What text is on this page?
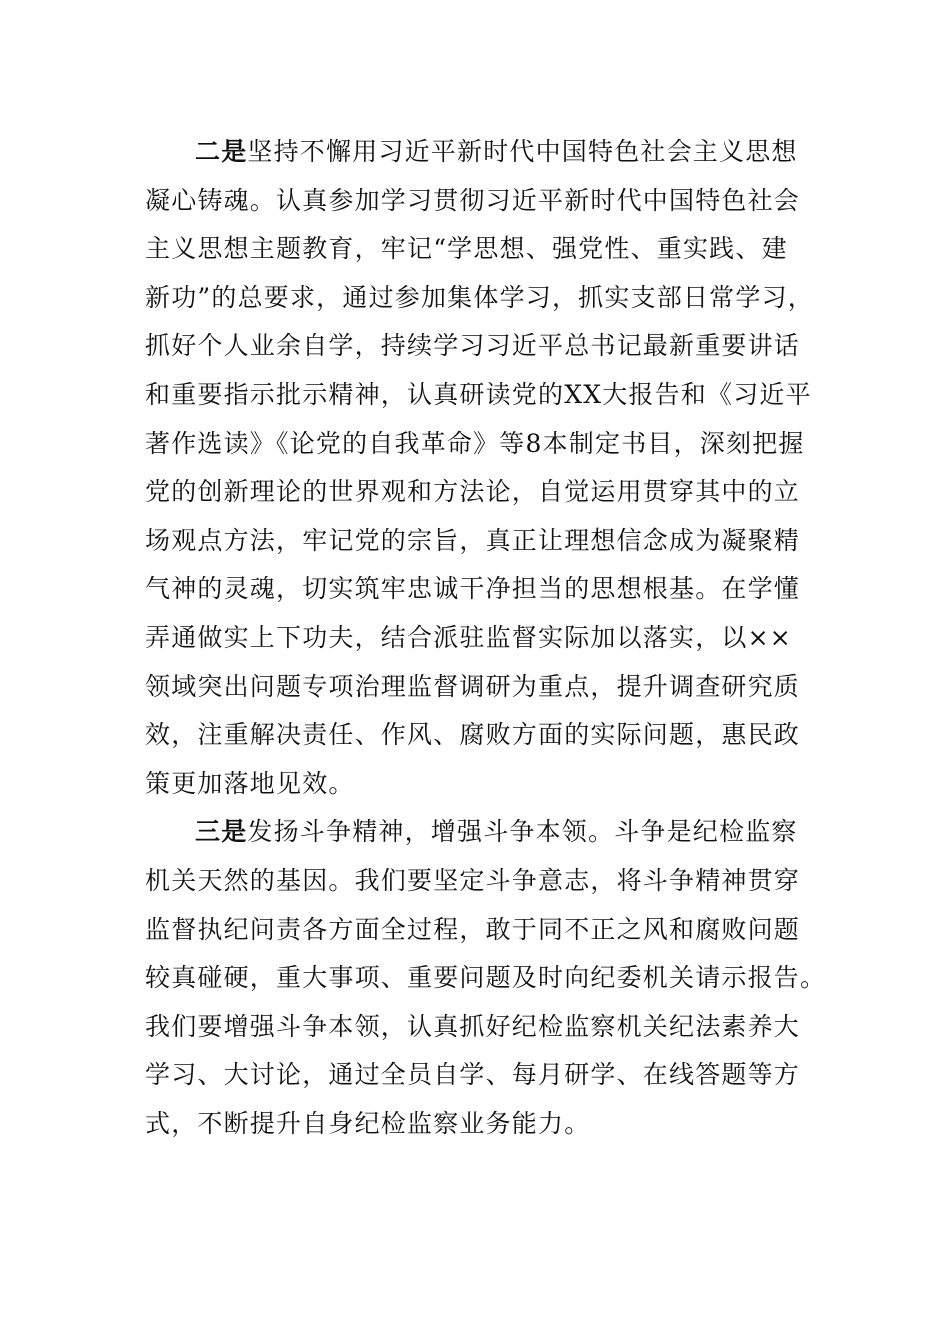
二是坚持不懈用习近平新时代中国特色社会主义思想
凝心铸魂。认真参加学习贯彻习近平新时代中国特色社会
主义思想主题教育，牢记“学思想、强党性、重实践、建
新功”的总要求，通过参加集体学习，抓实支部日常学习，
抓好个人业余自学，持续学习习近平总书记最新重要讲话
和重要指示批示精神，认真研读党的XX大报告和《习近平
著作选读》《论党的自我革命》等8本制定书目，深刻把握
党的创新理论的世界观和方法论，自觉运用贯穿其中的立
场观点方法，牢记党的宗旨，真正让理想信念成为凝聚精
气神的灵魂，切实筑牢忠诚干净担当的思想根基。在学懂
弄通做实上下功夫，结合派驻监督实际加以落实，以××
领域突出问题专项治理监督调研为重点，提升调查研究质
效，注重解决责任、作风、腐败方面的实际问题，惠民政
策更加落地见效。
三是发扬斗争精神，增强斗争本领。斗争是纪检监察
机关天然的基因。我们要坚定斗争意志，将斗争精神贯穿
监督执纪问责各方面全过程，敢于同不正之风和腐败问题
较真碰硬，重大事项、重要问题及时向纪委机关请示报告。
我们要增强斗争本领，认真抓好纪检监察机关纪法素养大
学习、大讨论，通过全员自学、每月研学、在线答题等方
式，不断提升自身纪检监察业务能力。
